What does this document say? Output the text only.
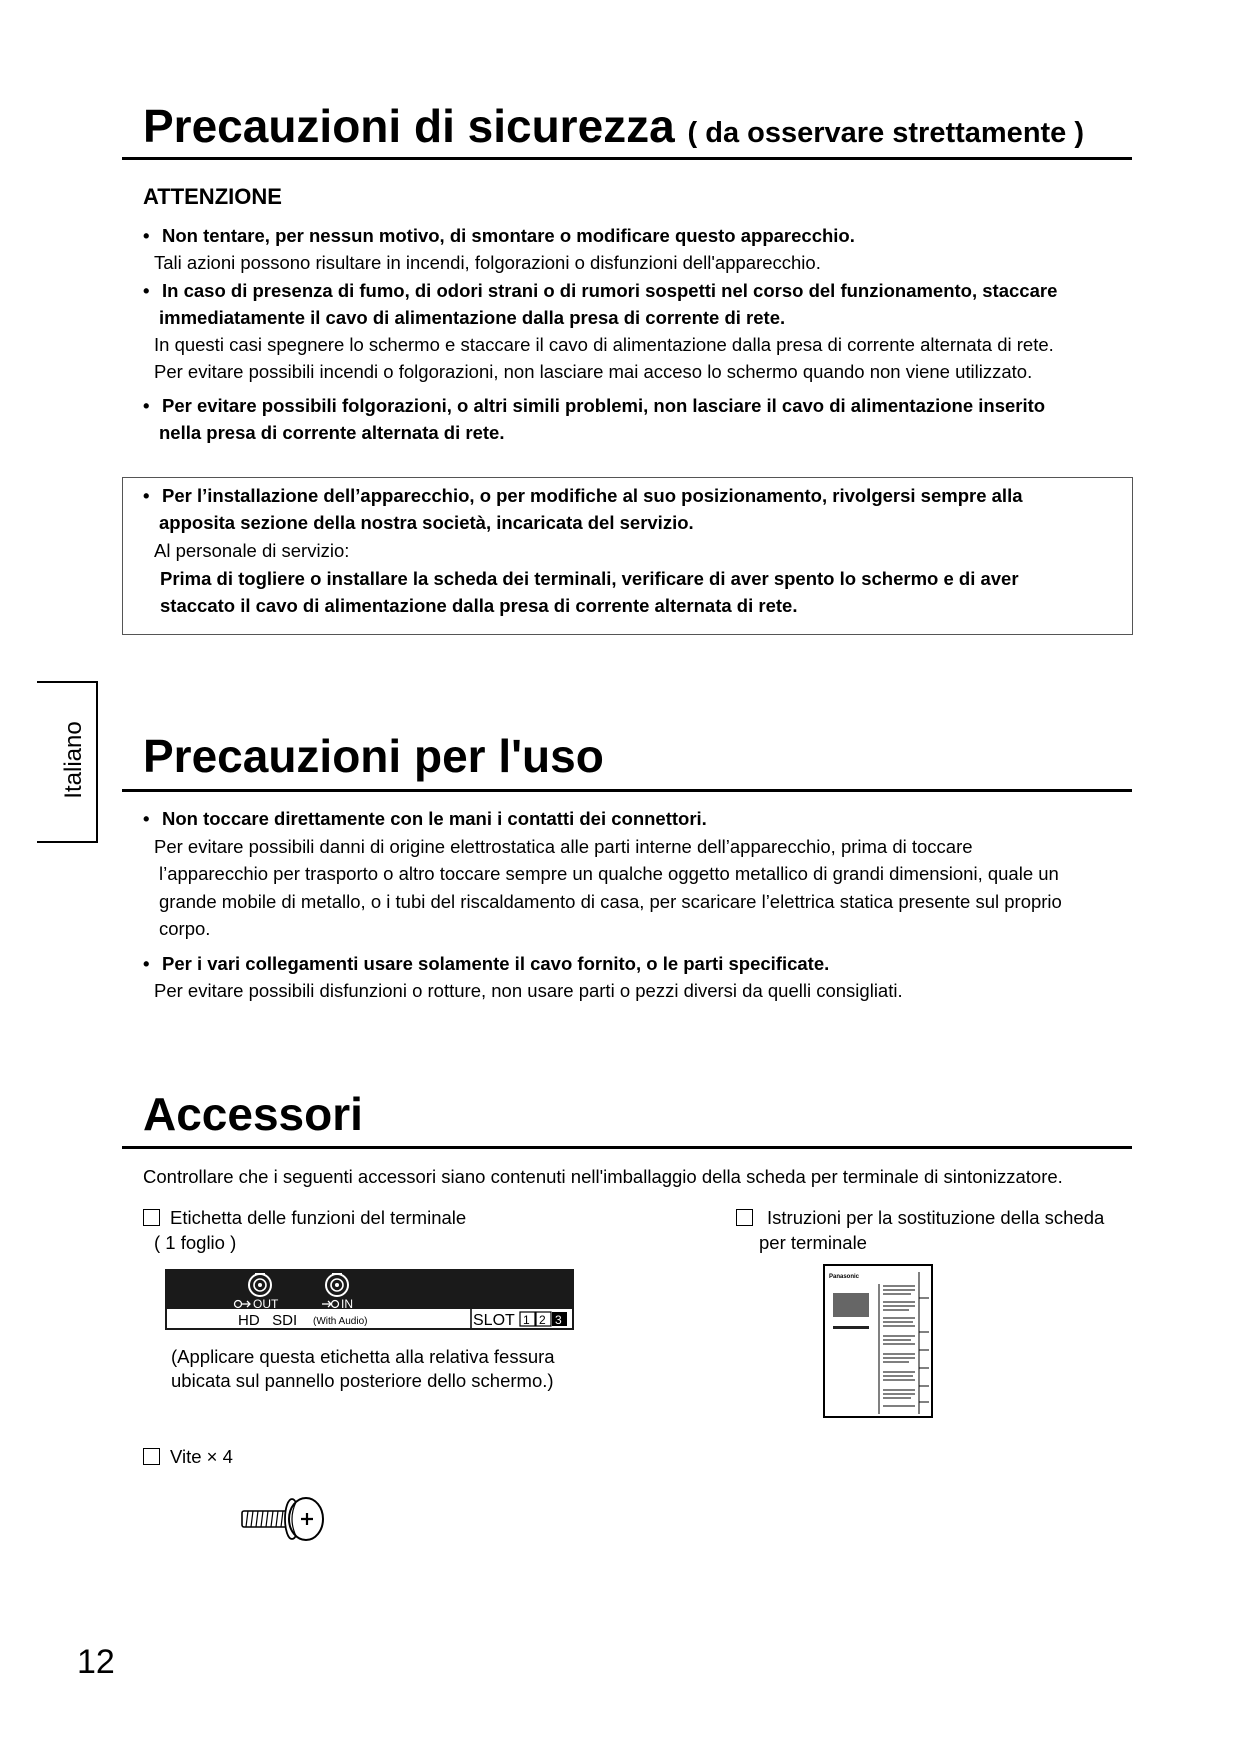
Precauzioni di sicurezza ( da osservare strettamente )
ATTENZIONE
• Non tentare, per nessun motivo, di smontare o modificare questo apparecchio.
Tali azioni possono risultare in incendi, folgorazioni o disfunzioni dell'apparecchio.
• In caso di presenza di fumo, di odori strani o di rumori sospetti nel corso del funzionamento, staccare
immediatamente il cavo di alimentazione dalla presa di corrente di rete.
In questi casi spegnere lo schermo e staccare il cavo di alimentazione dalla presa di corrente alternata di rete.
Per evitare possibili incendi o folgorazioni, non lasciare mai acceso lo schermo quando non viene utilizzato.
• Per evitare possibili folgorazioni, o altri simili problemi, non lasciare il cavo di alimentazione inserito
nella presa di corrente alternata di rete.
• Per l’installazione dell’apparecchio, o per modifiche al suo posizionamento, rivolgersi sempre alla
apposita sezione della nostra società, incaricata del servizio.
Al personale di servizio:
Prima di togliere o installare la scheda dei terminali, verificare di aver spento lo schermo e di aver
staccato il cavo di alimentazione dalla presa di corrente alternata di rete.
Italiano Precauzioni per l'uso
• Non toccare direttamente con le mani i contatti dei connettori.
Per evitare possibili danni di origine elettrostatica alle parti interne dell’apparecchio, prima di toccare
l’apparecchio per trasporto o altro toccare sempre un qualche oggetto metallico di grandi dimensioni, quale un
grande mobile di metallo, o i tubi del riscaldamento di casa, per scaricare l’elettrica statica presente sul proprio
corpo.
• Per i vari collegamenti usare solamente il cavo fornito, o le parti specificate.
Per evitare possibili disfunzioni o rotture, non usare parti o pezzi diversi da quelli consigliati.
Accessori
Controllare che i seguenti accessori siano contenuti nell'imballaggio della scheda per terminale di sintonizzatore.
Etichetta delle funzioni del terminale
( 1 foglio )
OUT	IN
HD   SDI (With Audio)	SLOT 1 2 3
(Applicare questa etichetta alla relativa fessura
ubicata sul pannello posteriore dello schermo.)
Istruzioni per la sostituzione della scheda
per terminale
Panasonic
Vite × 4
12
